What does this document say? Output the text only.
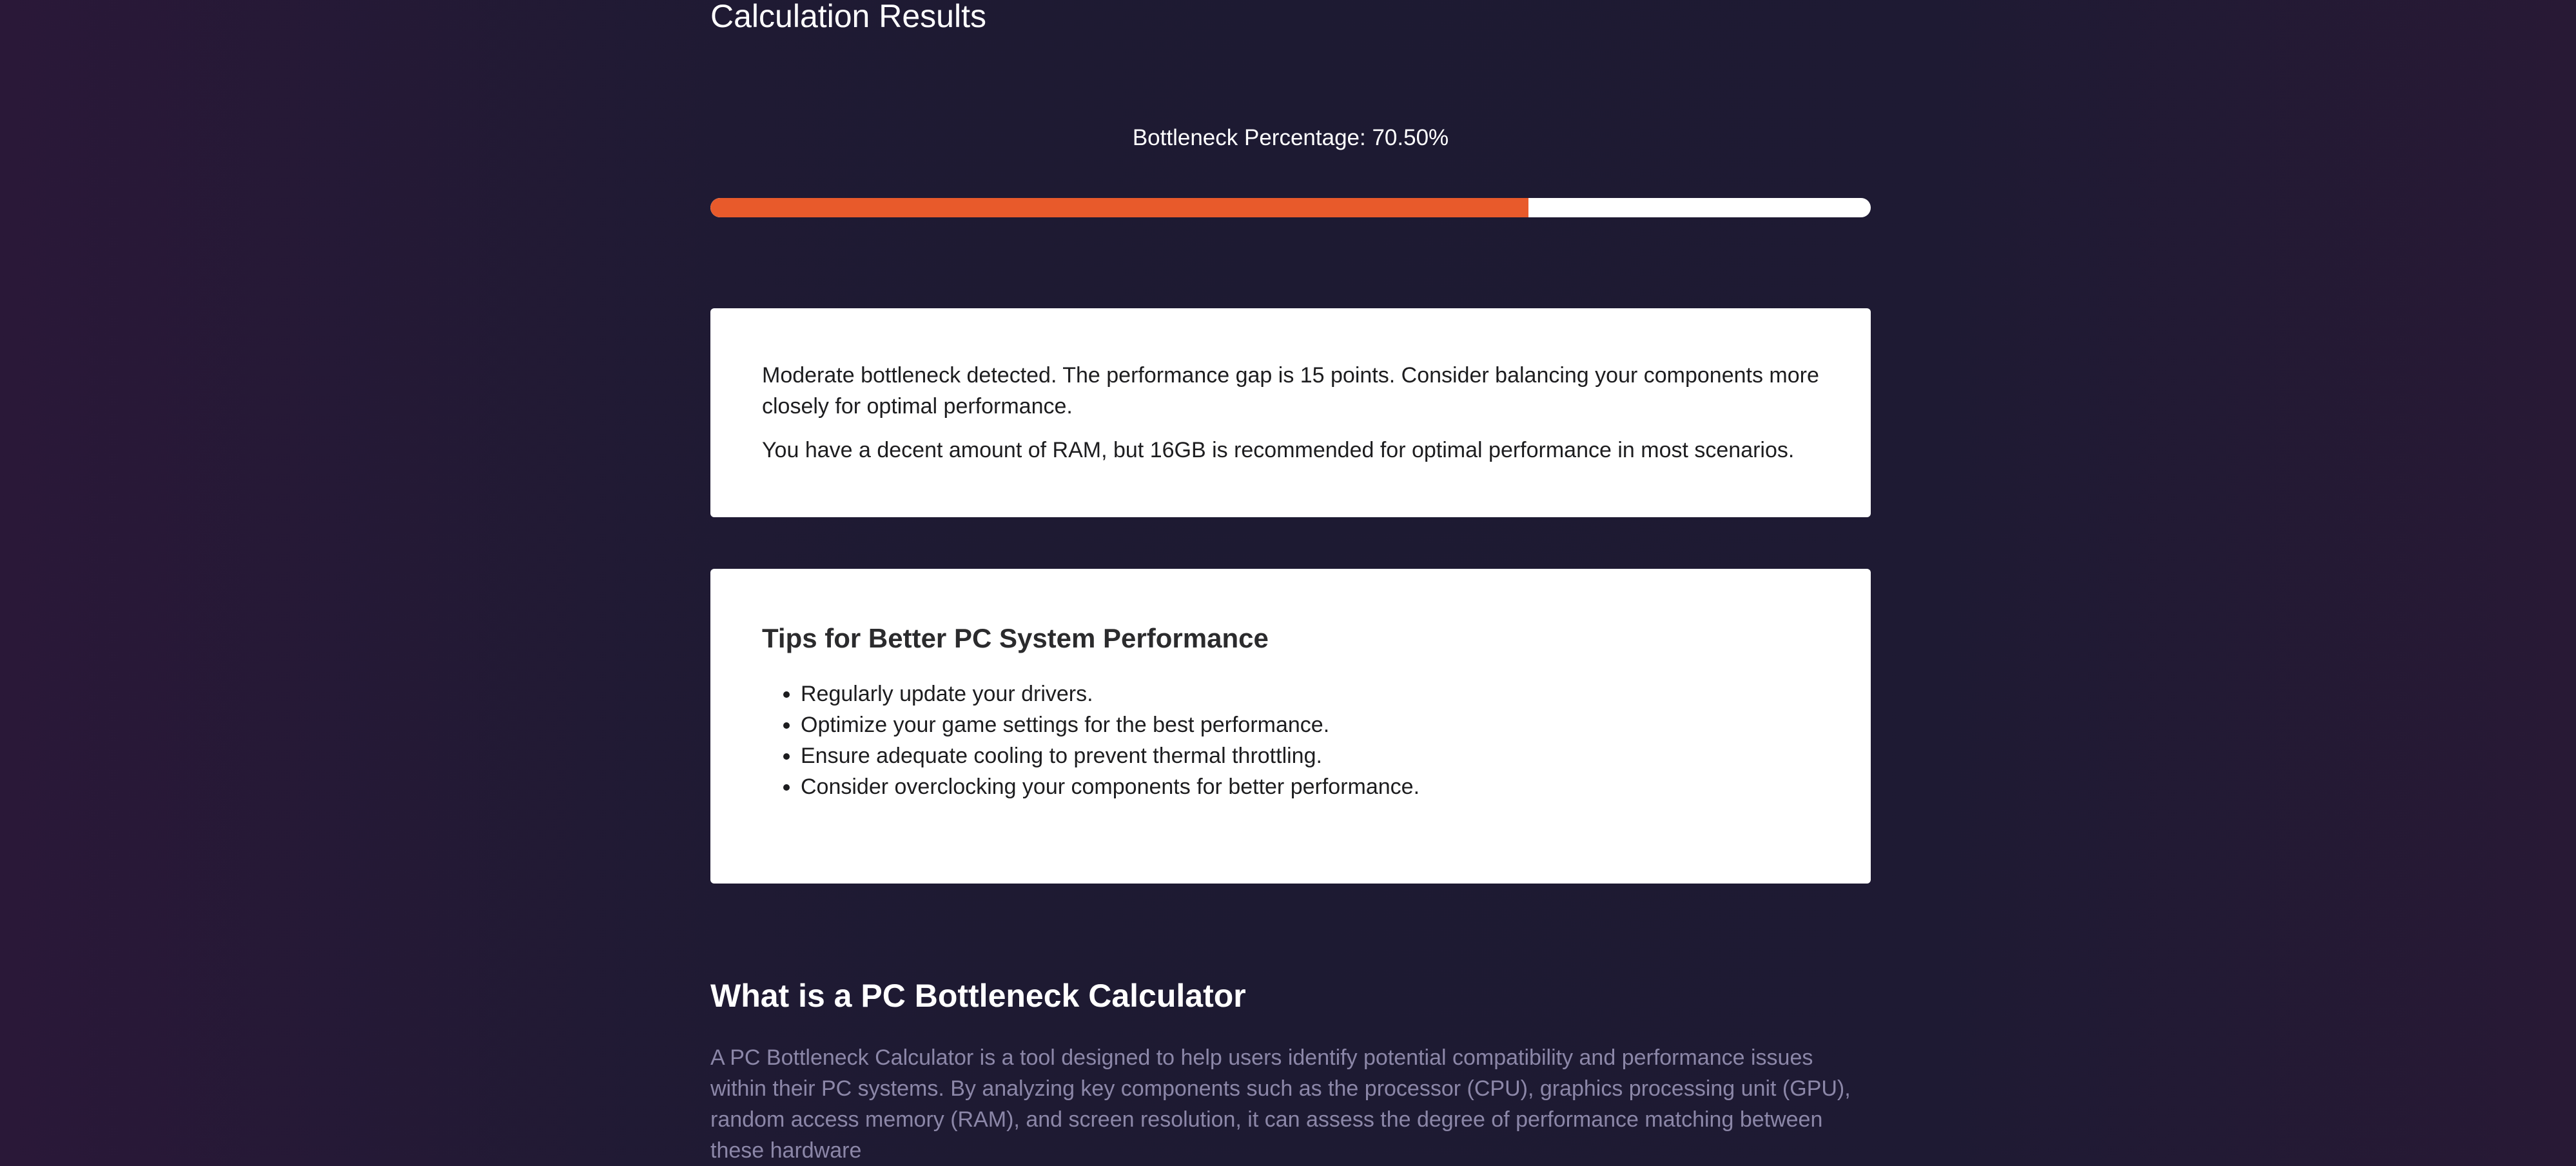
Calculation Results
Bottleneck Percentage: 70.50%

Moderate bottleneck detected. The performance gap is 15 points. Consider balancing your components more closely for optimal performance.

You have a decent amount of RAM, but 16GB is recommended for optimal performance in most scenarios.

Tips for Better PC System Performance
• Regularly update your drivers.
• Optimize your game settings for the best performance.
• Ensure adequate cooling to prevent thermal throttling.
• Consider overclocking your components for better performance.
What is a PC Bottleneck Calculator

A PC Bottleneck Calculator is a tool designed to help users identify potential compatibility and performance issues within their PC systems. By analyzing key components such as the processor (CPU), graphics processing unit (GPU), random access memory (RAM), and screen resolution, it can assess the degree of performance matching between these hardware
